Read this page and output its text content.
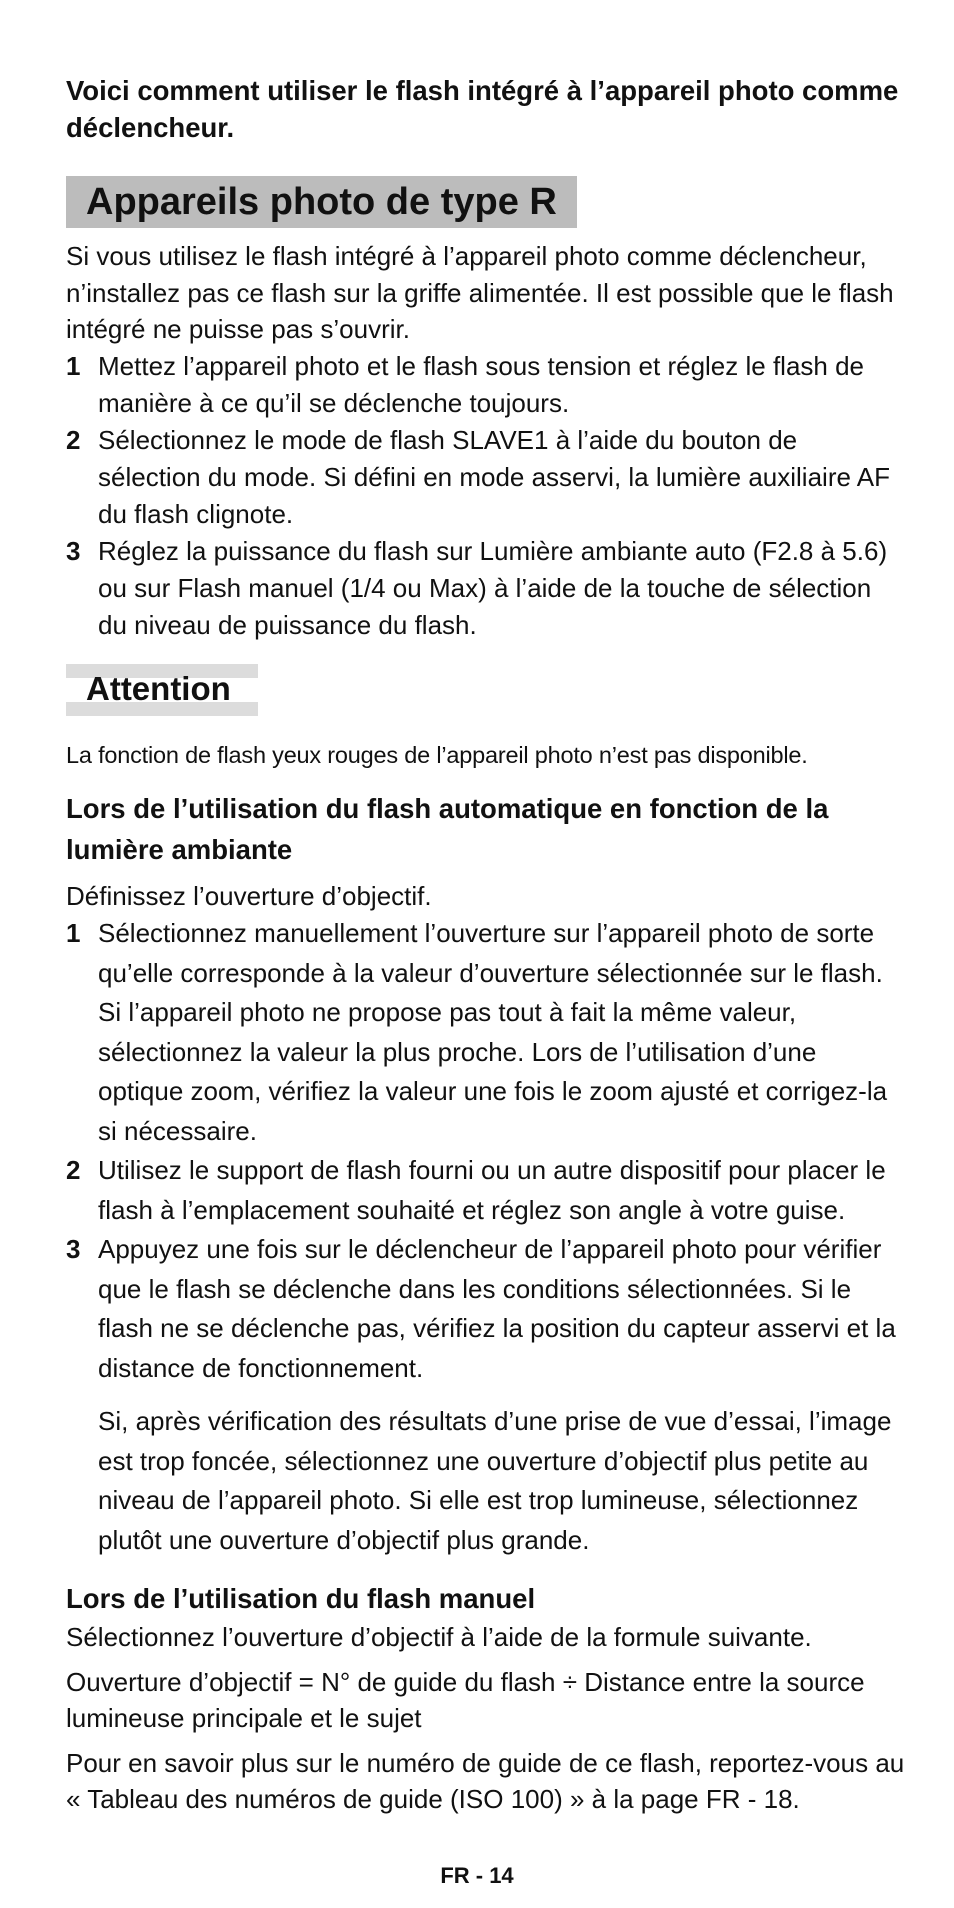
Voici comment utiliser le flash intégré à l’appareil photo comme déclencheur.

Appareils photo de type R

Si vous utilisez le flash intégré à l’appareil photo comme déclencheur, n’installez pas ce flash sur la griffe alimentée. Il est possible que le flash intégré ne puisse pas s’ouvrir.

1 Mettez l’appareil photo et le flash sous tension et réglez le flash de manière à ce qu’il se déclenche toujours.
2 Sélectionnez le mode de flash SLAVE1 à l’aide du bouton de sélection du mode. Si défini en mode asservi, la lumière auxiliaire AF du flash clignote.
3 Réglez la puissance du flash sur Lumière ambiante auto (F2.8 à 5.6) ou sur Flash manuel (1/4 ou Max) à l’aide de la touche de sélection du niveau de puissance du flash.
Attention

La fonction de flash yeux rouges de l’appareil photo n’est pas disponible.

Lors de l’utilisation du flash automatique en fonction de la lumière ambiante

Définissez l’ouverture d’objectif.

1 Sélectionnez manuellement l’ouverture sur l’appareil photo de sorte qu’elle corresponde à la valeur d’ouverture sélectionnée sur le flash. Si l’appareil photo ne propose pas tout à fait la même valeur, sélectionnez la valeur la plus proche. Lors de l’utilisation d’une optique zoom, vérifiez la valeur une fois le zoom ajusté et corrigez-la si nécessaire.
2 Utilisez le support de flash fourni ou un autre dispositif pour placer le flash à l’emplacement souhaité et réglez son angle à votre guise.
3 Appuyez une fois sur le déclencheur de l’appareil photo pour vérifier que le flash se déclenche dans les conditions sélectionnées. Si le flash ne se déclenche pas, vérifiez la position du capteur asservi et la distance de fonctionnement.

Si, après vérification des résultats d’une prise de vue d’essai, l’image est trop foncée, sélectionnez une ouverture d’objectif plus petite au niveau de l’appareil photo. Si elle est trop lumineuse, sélectionnez plutôt une ouverture d’objectif plus grande.

Lors de l’utilisation du flash manuel

Sélectionnez l’ouverture d’objectif à l’aide de la formule suivante.

Ouverture d’objectif = N° de guide du flash ÷ Distance entre la source lumineuse principale et le sujet

Pour en savoir plus sur le numéro de guide de ce flash, reportez-vous au « Tableau des numéros de guide (ISO 100) » à la page FR - 18.

FR - 14
